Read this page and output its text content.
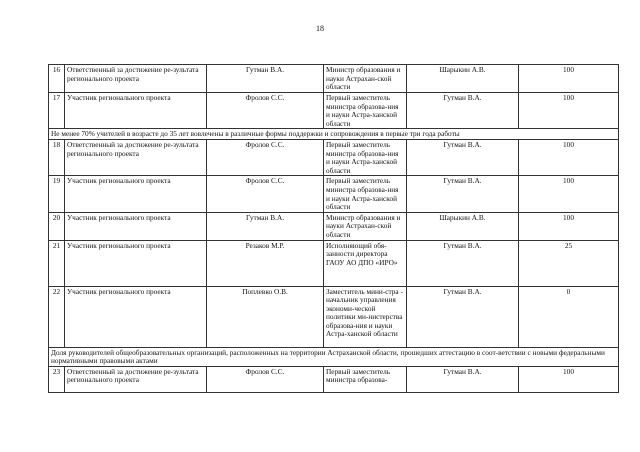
18
16	Ответственный за достижение ре-зультата регионального проекта	Гутман В.А.	Министр образования и науки Астрахан-ской области	Шарыкин А.В.	100
17	Участник регионального проекта	Фролов С.С.	Первый заместитель министра образова-ния и науки Астра-ханской области	Гутман В.А.	100
Не менее 70% учителей в возрасте до 35 лет вовлечены в различные формы поддержки и сопровождения в первые три года работы					
18	Ответственный за достижение ре-зультата регионального проекта	Фролов С.С.	Первый заместитель министра образова-ния и науки Астра-ханской области	Гутман В.А.	100
19	Участник регионального проекта	Фролов С.С.	Первый заместитель министра образова-ния и науки Астра-ханской области	Гутман В.А.	100
20	Участник регионального проекта	Гутман В.А.	Министр образования и науки Астрахан-ской области	Шарыкин А.В.	100
21	Участник регионального проекта	Резаков М.Р.	Исполняющий обя-занности директора ГАОУ АО ДПО «ИРО»	Гутман В.А.	25
22	Участник регионального проекта	Поплевко О.В.	Заместитель мини-стра - начальник управления экономи-ческой политики ми-нистерства образова-ния и науки Астра-ханской области	Гутман В.А.	0
Доля руководителей общеобразовательных организаций, расположенных на территории Астраханской области, прошедших аттестацию в соот-ветствии с новыми федеральными нормативными правовыми актами					
23	Ответственный за достижение ре-зультата регионального проекта	Фролов С.С.	Первый заместитель министра образова-	Гутман В.А.	100
